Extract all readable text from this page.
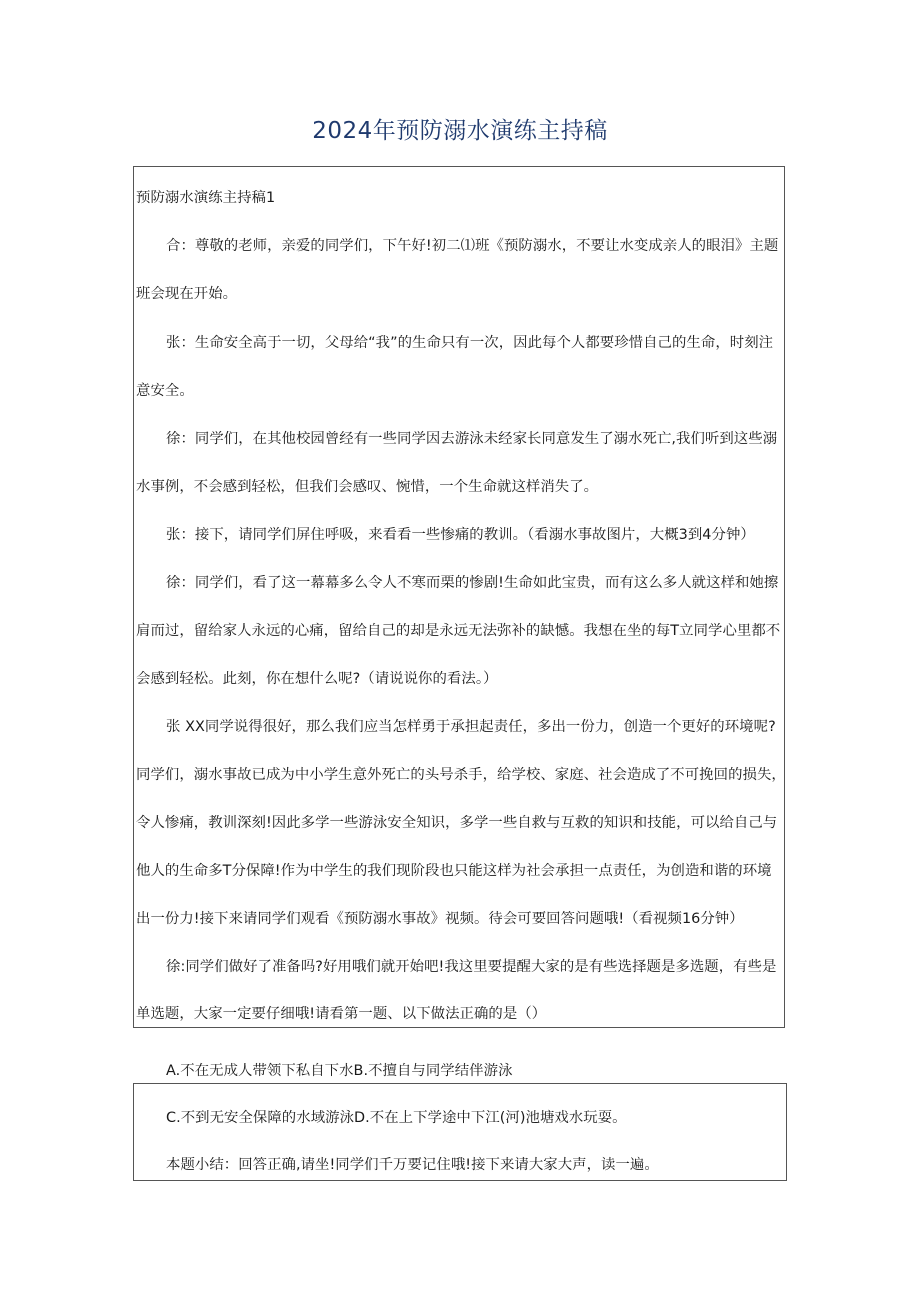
2024年预防溺水演练主持稿
预防溺水演练主持稿1
合：尊敬的老师，亲爱的同学们，下午好!初二⑴班《预防溺水，不要让水变成亲人的眼泪》主题
班会现在开始。
张：生命安全高于一切，父母给“我”的生命只有一次，因此每个人都要珍惜自己的生命，时刻注
意安全。
徐：同学们，在其他校园曾经有一些同学因去游泳未经家长同意发生了溺水死亡,我们听到这些溺
水事例，不会感到轻松，但我们会感叹、惋惜，一个生命就这样消失了。
张：接下，请同学们屏住呼吸，来看看一些惨痛的教训。（看溺水事故图片，大概3到4分钟）
徐：同学们，看了这一幕幕多么令人不寒而栗的惨剧!生命如此宝贵，而有这么多人就这样和她擦
肩而过，留给家人永远的心痛，留给自己的却是永远无法弥补的缺憾。我想在坐的每T立同学心里都不
会感到轻松。此刻，你在想什么呢?（请说说你的看法。）
张 XX同学说得很好，那么我们应当怎样勇于承担起责任，多出一份力，创造一个更好的环境呢?
同学们，溺水事故已成为中小学生意外死亡的头号杀手，给学校、家庭、社会造成了不可挽回的损失，
令人惨痛，教训深刻!因此多学一些游泳安全知识，多学一些自救与互救的知识和技能，可以给自己与
他人的生命多T分保障!作为中学生的我们现阶段也只能这样为社会承担一点责任，为创造和谐的环境
出一份力!接下来请同学们观看《预防溺水事故》视频。待会可要回答问题哦!（看视频16分钟）
徐:同学们做好了准备吗?好用哦们就开始吧!我这里要提醒大家的是有些选择题是多选题，有些是
单选题，大家一定要仔细哦!请看第一题、以下做法正确的是（）
A.不在无成人带领下私自下水B.不擅自与同学结伴游泳
C.不到无安全保障的水域游泳D.不在上下学途中下江(河)池塘戏水玩耍。
本题小结：回答正确,请坐!同学们千万要记住哦!接下来请大家大声，读一遍。
